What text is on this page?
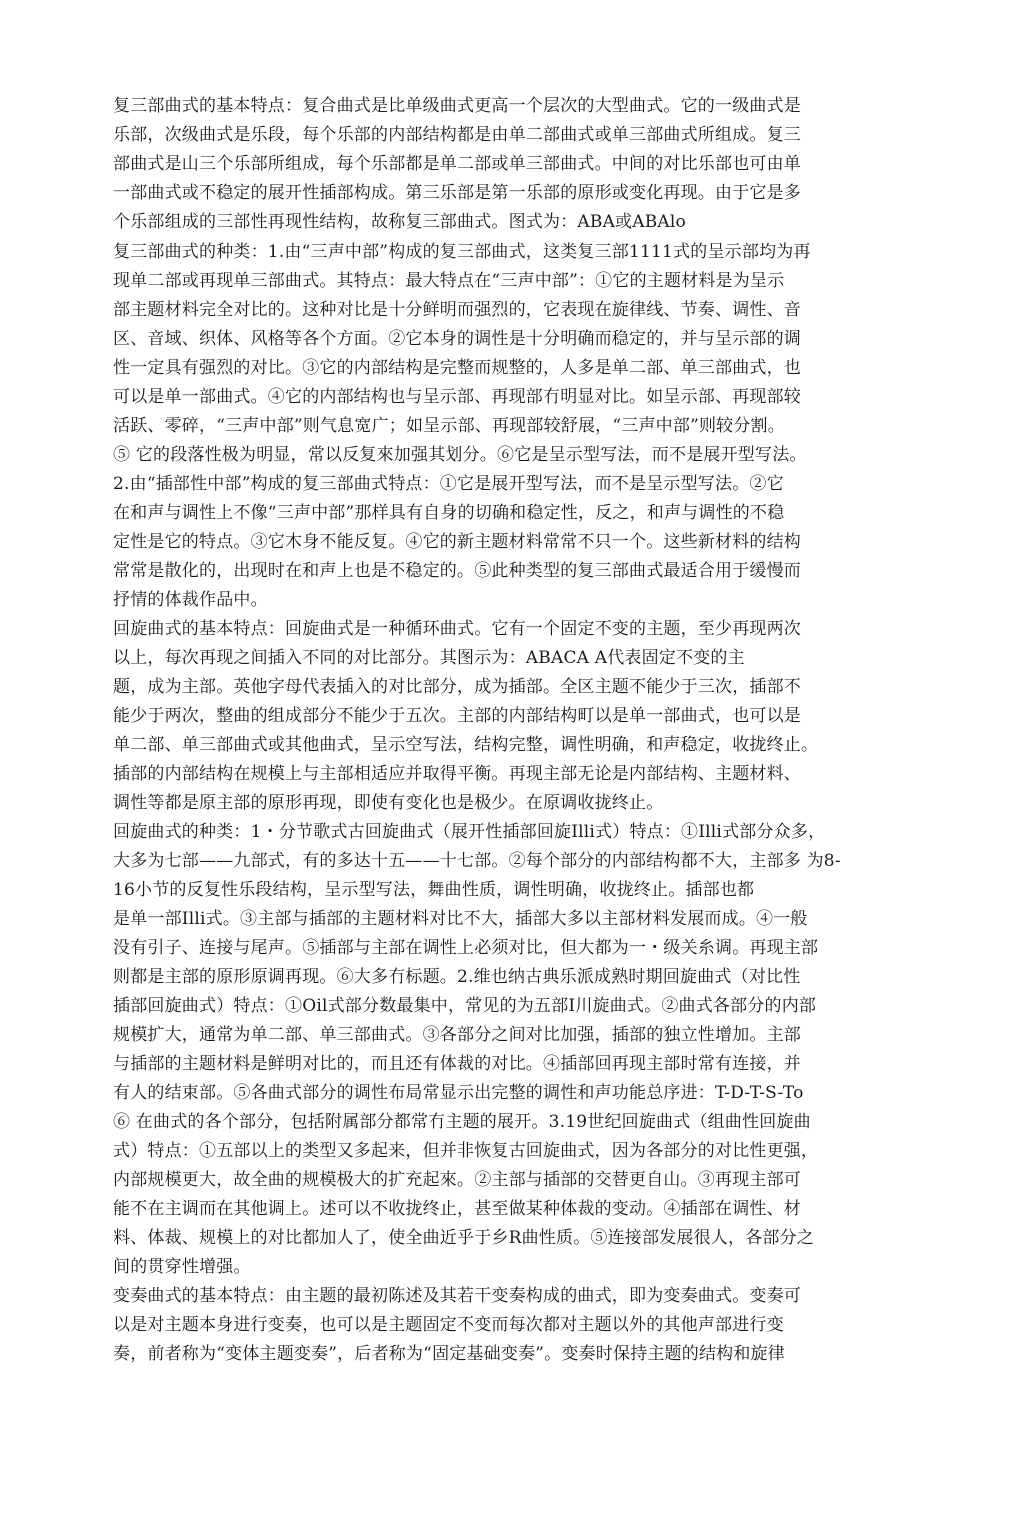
复三部曲式的基本特点：复合曲式是比单级曲式更高一个层次的大型曲式。它的一级曲式是
乐部，次级曲式是乐段，每个乐部的内部结构都是由单二部曲式或单三部曲式所组成。复三
部曲式是山三个乐部所组成，每个乐部都是单二部或单三部曲式。中间的对比乐部也可由单
一部曲式或不稳定的展开性插部构成。第三乐部是第一乐部的原形或变化再现。由于它是多
个乐部组成的三部性再现性结构，故称复三部曲式。图式为：ABA或ABAlo
复三部曲式的种类：1.由“三声中部”构成的复三部曲式，这类复三部1111式的呈示部均为再
现单二部或再现单三部曲式。其特点：最大特点在“三声中部”：①它的主题材料是为呈示
部主题材料完全对比的。这种对比是十分鲜明而强烈的，它表现在旋律线、节奏、调性、音
区、音域、织体、风格等各个方面。②它本身的调性是十分明确而稳定的，并与呈示部的调
性一定具有强烈的对比。③它的内部结构是完整而规整的，人多是单二部、单三部曲式，也
可以是单一部曲式。④它的内部结构也与呈示部、再现部冇明显对比。如呈示部、再现部较
活跃、零碎，“三声中部”则气息宽广；如呈示部、再现部较舒展，“三声中部”则较分割。
⑤ 它的段落性极为明显，常以反复來加强其划分。⑥它是呈示型写法，而不是展开型写法。
2.由“插部性中部”构成的复三部曲式特点：①它是展开型写法，而不是呈示型写法。②它
在和声与调性上不像“三声中部”那样具有自身的切确和稳定性，反之，和声与调性的不稳
定性是它的特点。③它木身不能反复。④它的新主题材料常常不只一个。这些新材料的结构
常常是散化的，出现时在和声上也是不稳定的。⑤此种类型的复三部曲式最适合用于缓慢而
抒情的体裁作品中。
回旋曲式的基本特点：回旋曲式是一种循环曲式。它有一个固定不变的主题，至少再现两次
以上，每次再现之间插入不同的对比部分。其图示为：ABACA A代表固定不变的主
题，成为主部。英他字母代表插入的对比部分，成为插部。全区主题不能少于三次，插部不
能少于两次，整曲的组成部分不能少于五次。主部的内部结构町以是单一部曲式，也可以是
单二部、单三部曲式或其他曲式，呈示空写法，结构完整，调性明确，和声稳定，收拢终止。
插部的内部结构在规模上与主部相适应并取得平衡。再现主部无论是内部结构、主题材料、
调性等都是原主部的原形再现，即使有变化也是极少。在原调收拢终止。
回旋曲式的种类：1・分节歌式古回旋曲式（展开性插部回旋Illi式）特点：①Illi式部分众多，
大多为七部——九部式，有的多达十五——十七部。②每个部分的内部结构都不大，主部多 为8-
16小节的反复性乐段结构，呈示型写法，舞曲性质，调性明确，收拢终止。插部也都
是单一部Illi式。③主部与插部的主题材料对比不大，插部大多以主部材料发展而成。④一般
没有引子、连接与尾声。⑤插部与主部在调性上必须对比，但大都为一・级关糸调。再现主部
则都是主部的原形原调再现。⑥大多冇标题。2.维也纳古典乐派成熟时期回旋曲式（对比性
插部回旋曲式）特点：①Oil式部分数最集中，常见的为五部I川旋曲式。②曲式各部分的内部
规模扩大，通常为单二部、单三部曲式。③各部分之间对比加强，插部的独立性增加。主部
与插部的主题材料是鲜明对比的，而且还有体裁的对比。④插部回再现主部时常有连接，并
有人的结束部。⑤各曲式部分的调性布局常显示出完整的调性和声功能总序进：T-D-T-S-To
⑥ 在曲式的各个部分，包括附属部分都常冇主题的展开。3.19世纪回旋曲式（组曲性回旋曲
式）特点：①五部以上的类型又多起来，但并非恢复古回旋曲式，因为各部分的对比性更强，
内部规模更大，故全曲的规模极大的扩充起來。②主部与插部的交替更自山。③再现主部可
能不在主调而在其他调上。述可以不收拢终止，甚至做某种体裁的变动。④插部在调性、材
料、体裁、规模上的对比都加人了，使全曲近乎于乡R曲性质。⑤连接部发展很人，各部分之
间的贯穿性增强。
变奏曲式的基本特点：由主题的最初陈述及其若干变奏构成的曲式，即为变奏曲式。变奏可
以是对主题本身进行变奏，也可以是主题固定不变而每次都对主题以外的其他声部进行变
奏，前者称为“变体主题变奏”，后者称为“固定基础变奏”。变奏时保持主题的结构和旋律
